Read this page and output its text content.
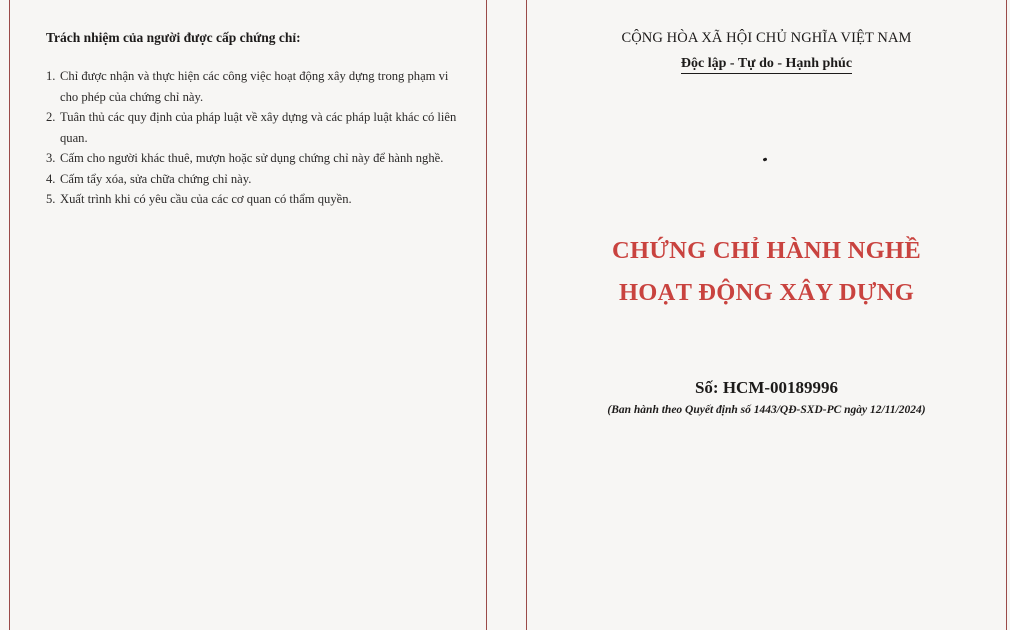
Trách nhiệm của người được cấp chứng chỉ:

1. Chỉ được nhận và thực hiện các công việc hoạt động xây dựng trong phạm vi cho phép của chứng chỉ này.
2. Tuân thủ các quy định của pháp luật về xây dựng và các pháp luật khác có liên quan.
3. Cấm cho người khác thuê, mượn hoặc sử dụng chứng chỉ này để hành nghề.
4. Cấm tẩy xóa, sửa chữa chứng chỉ này.
5. Xuất trình khi có yêu cầu của các cơ quan có thẩm quyền.
CỘNG HÒA XÃ HỘI CHỦ NGHĨA VIỆT NAM
Độc lập - Tự do - Hạnh phúc
CHỨNG CHỈ HÀNH NGHỀ
HOẠT ĐỘNG XÂY DỰNG
Số: HCM-00189996
(Ban hành theo Quyết định số 1443/QĐ-SXD-PC ngày 12/11/2024)
